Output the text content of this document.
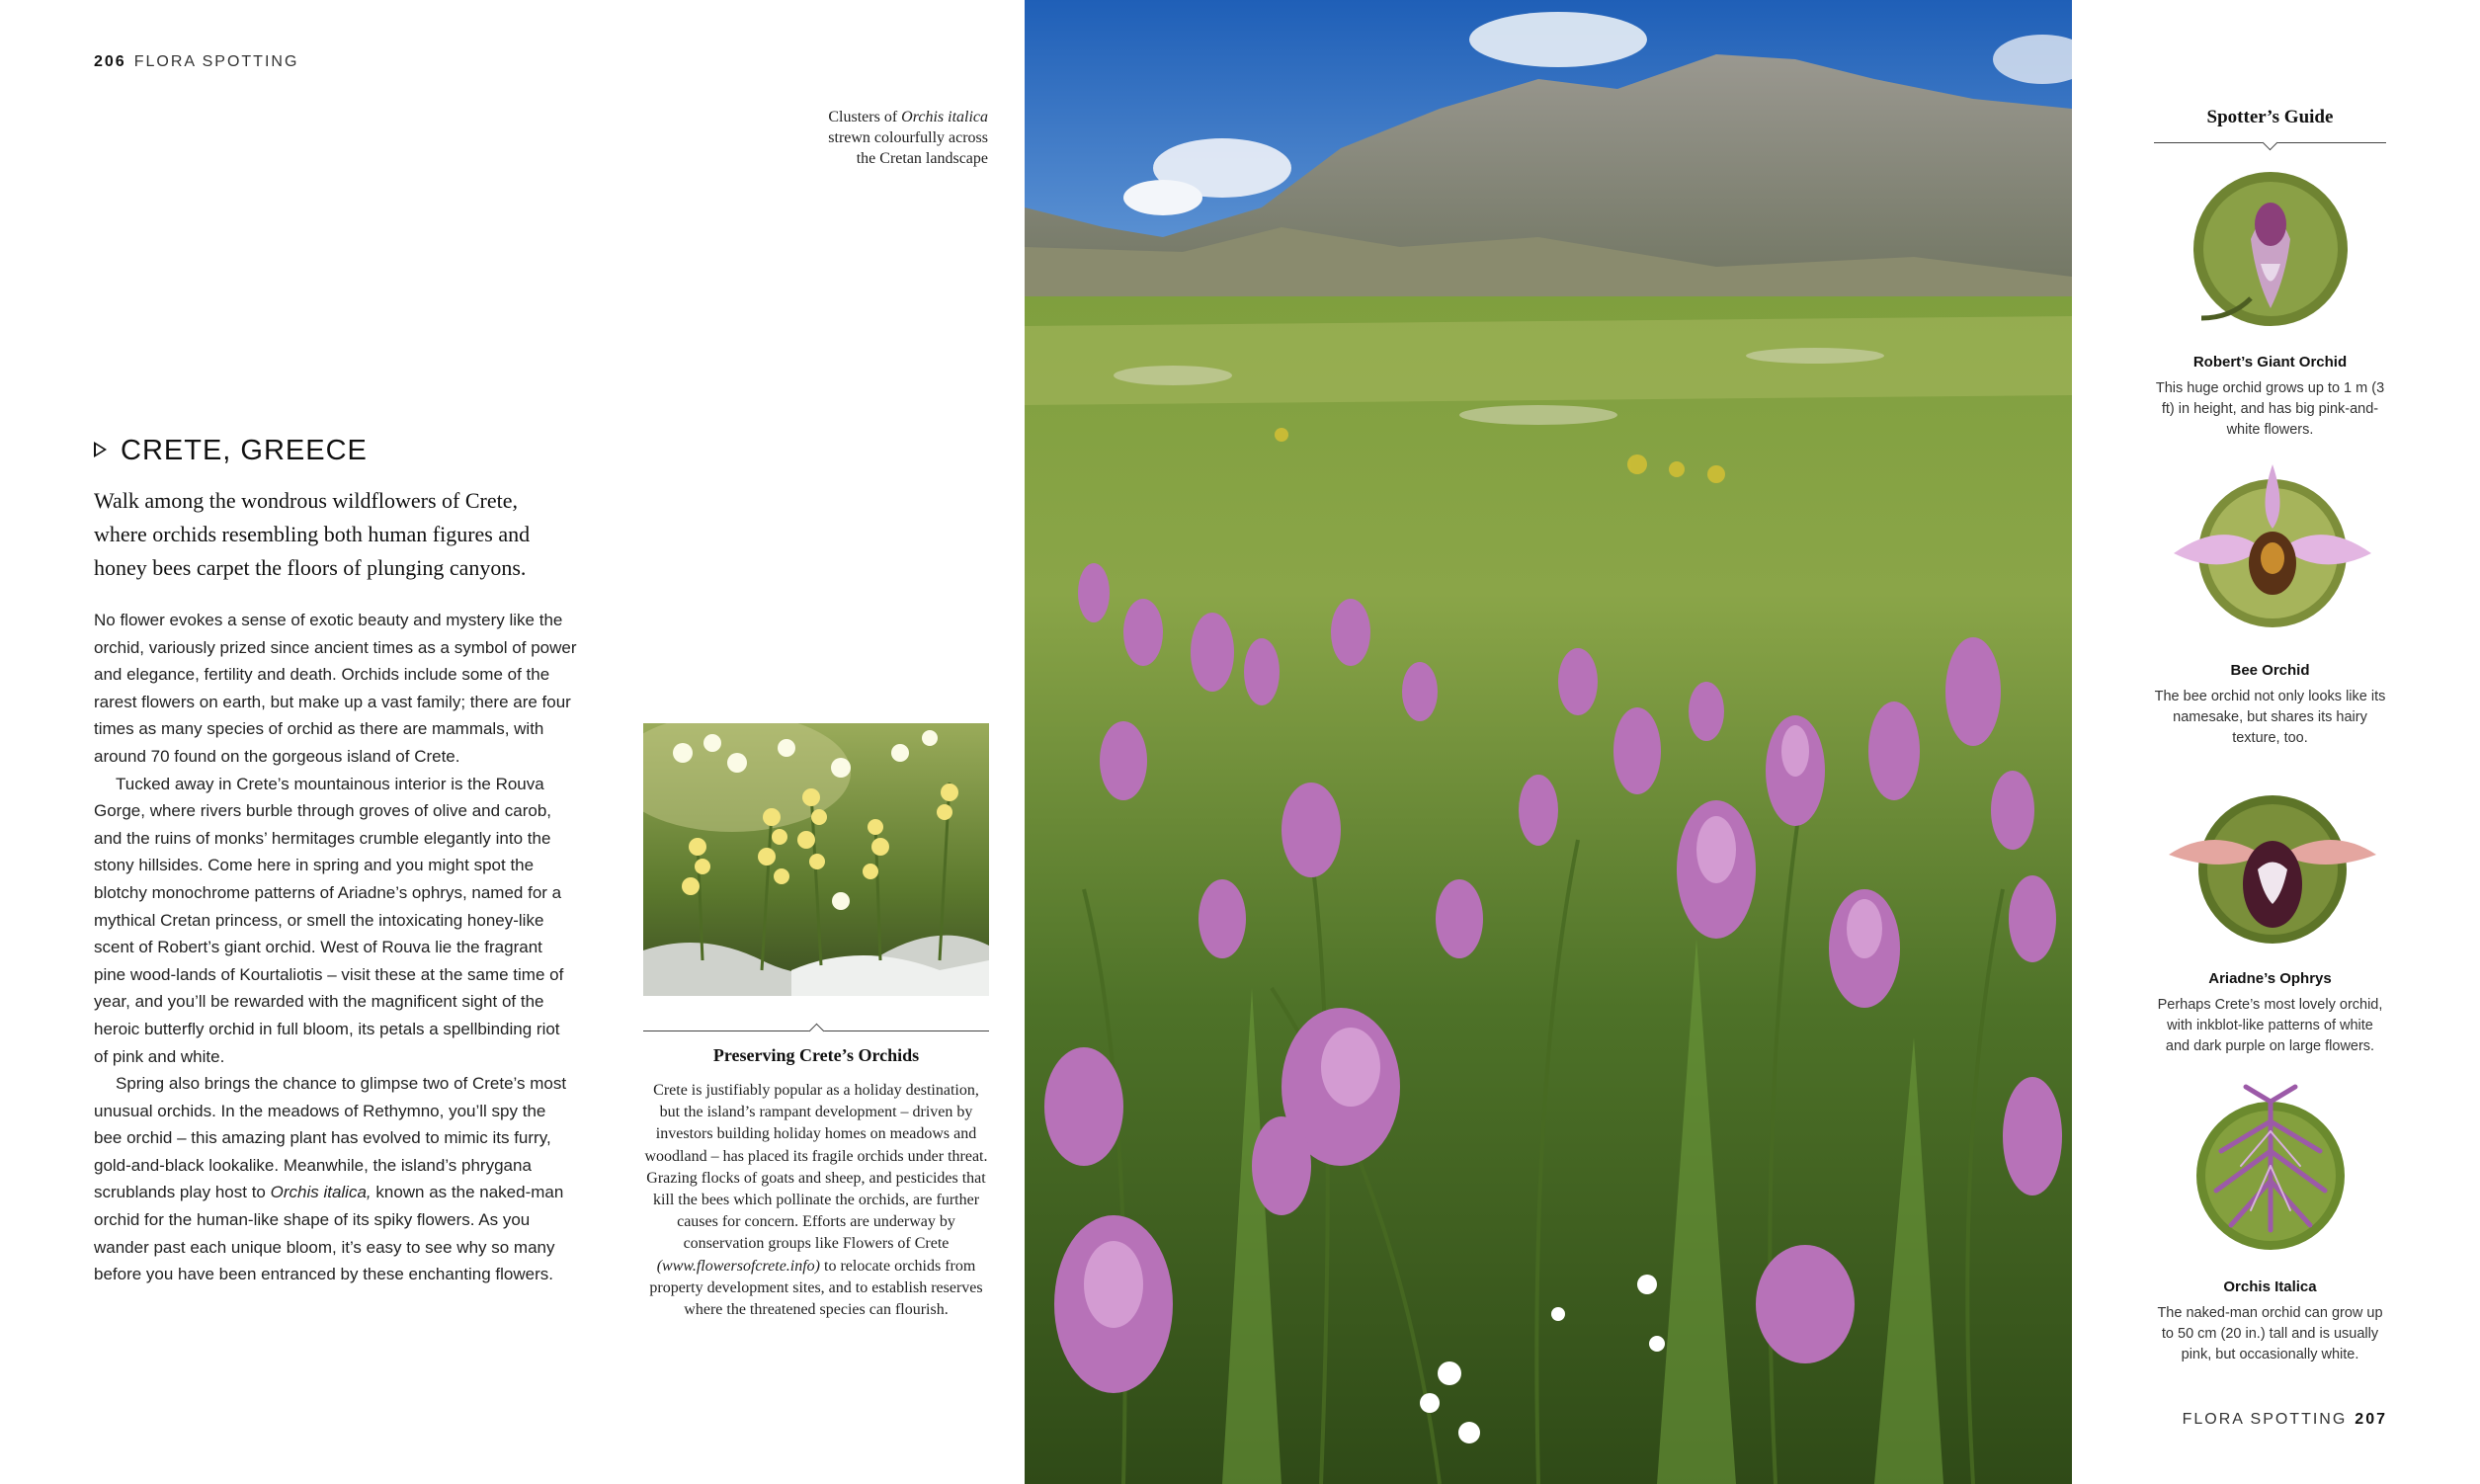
206 FLORA SPOTTING
FLORA SPOTTING 207
Clusters of Orchis italica
strewn colourfully across
the Cretan landscape
CRETE, GREECE
Walk among the wondrous wildflowers of Crete, where orchids resembling both human figures and honey bees carpet the floors of plunging canyons.

No flower evokes a sense of exotic beauty and mystery like the orchid, variously prized since ancient times as a symbol of power and elegance, fertility and death. Orchids include some of the rarest flowers on earth, but make up a vast family; there are four times as many species of orchid as there are mammals, with around 70 found on the gorgeous island of Crete.

Tucked away in Crete’s mountainous interior is the Rouva Gorge, where rivers burble through groves of olive and carob, and the ruins of monks’ hermitages crumble elegantly into the stony hillsides. Come here in spring and you might spot the blotchy monochrome patterns of Ariadne’s ophrys, named for a mythical Cretan princess, or smell the intoxicating honey-like scent of Robert’s giant orchid. West of Rouva lie the fragrant pine wood-lands of Kourtaliotis – visit these at the same time of year, and you’ll be rewarded with the magnificent sight of the heroic butterfly orchid in full bloom, its petals a spellbinding riot of pink and white.

Spring also brings the chance to glimpse two of Crete’s most unusual orchids. In the meadows of Rethymno, you’ll spy the bee orchid – this amazing plant has evolved to mimic its furry, gold-and-black lookalike. Meanwhile, the island’s phrygana scrublands play host to Orchis italica, known as the naked-man orchid for the human-like shape of its spiky flowers. As you wander past each unique bloom, it’s easy to see why so many before you have been entranced by these enchanting flowers.

Preserving Crete’s Orchids
Crete is justifiably popular as a holiday destination, but the island’s rampant development – driven by investors building holiday homes on meadows and woodland – has placed its fragile orchids under threat. Grazing flocks of goats and sheep, and pesticides that kill the bees which pollinate the orchids, are further causes for concern. Efforts are underway by conservation groups like Flowers of Crete (www.flowersofcrete.info) to relocate orchids from property development sites, and to establish reserves where the threatened species can flourish.
Spotter’s Guide
Robert’s Giant Orchid
This huge orchid grows up to 1 m (3 ft) in height, and has big pink-and-white flowers.
Bee Orchid
The bee orchid not only looks like its namesake, but shares its hairy texture, too.
Ariadne’s Ophrys
Perhaps Crete’s most lovely orchid, with inkblot-like patterns of white and dark purple on large flowers.
Orchis Italica
The naked-man orchid can grow up to 50 cm (20 in.) tall and is usually pink, but occasionally white.
